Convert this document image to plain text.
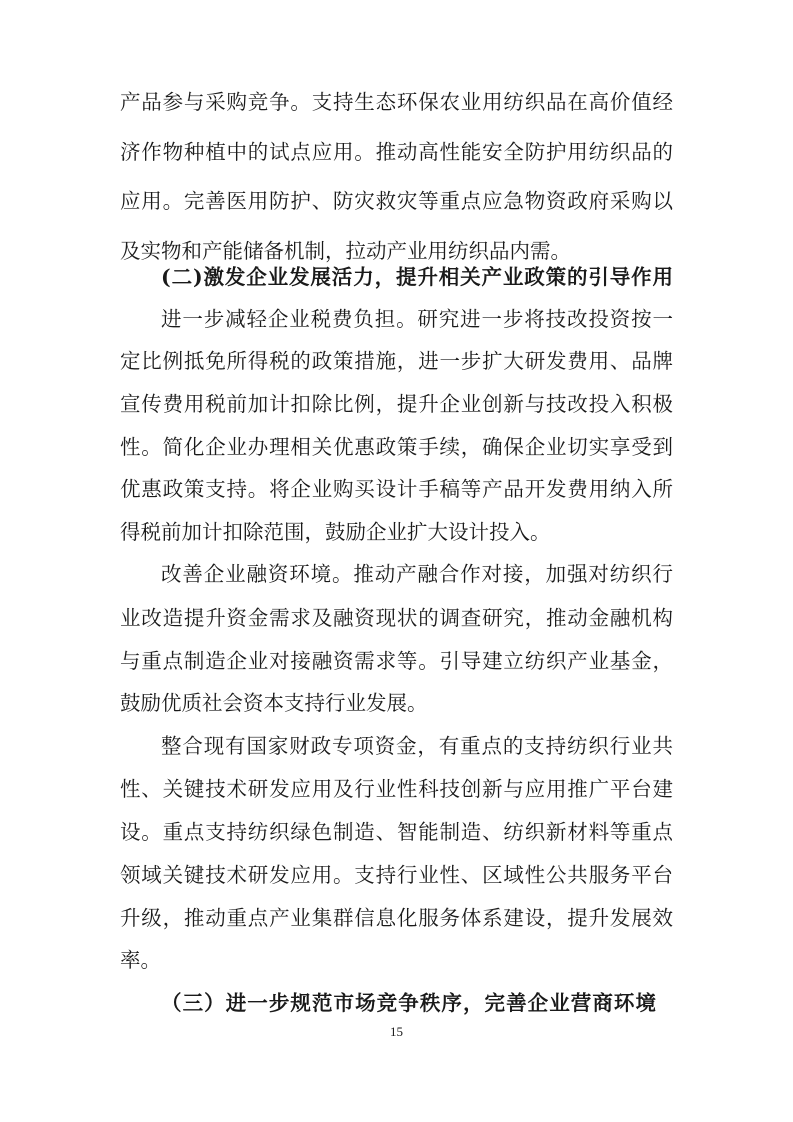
产品参与采购竞争。支持生态环保农业用纺织品在高价值经
济作物种植中的试点应用。推动高性能安全防护用纺织品的
应用。完善医用防护、防灾救灾等重点应急物资政府采购以
及实物和产能储备机制，拉动产业用纺织品内需。
(二)激发企业发展活力，提升相关产业政策的引导作用
进一步减轻企业税费负担。研究进一步将技改投资按一
定比例抵免所得税的政策措施，进一步扩大研发费用、品牌
宣传费用税前加计扣除比例，提升企业创新与技改投入积极
性。简化企业办理相关优惠政策手续，确保企业切实享受到
优惠政策支持。将企业购买设计手稿等产品开发费用纳入所
得税前加计扣除范围，鼓励企业扩大设计投入。
改善企业融资环境。推动产融合作对接，加强对纺织行
业改造提升资金需求及融资现状的调查研究，推动金融机构
与重点制造企业对接融资需求等。引导建立纺织产业基金，
鼓励优质社会资本支持行业发展。
整合现有国家财政专项资金，有重点的支持纺织行业共
性、关键技术研发应用及行业性科技创新与应用推广平台建
设。重点支持纺织绿色制造、智能制造、纺织新材料等重点
领域关键技术研发应用。支持行业性、区域性公共服务平台
升级，推动重点产业集群信息化服务体系建设，提升发展效
率。
（三）进一步规范市场竞争秩序，完善企业营商环境
15
